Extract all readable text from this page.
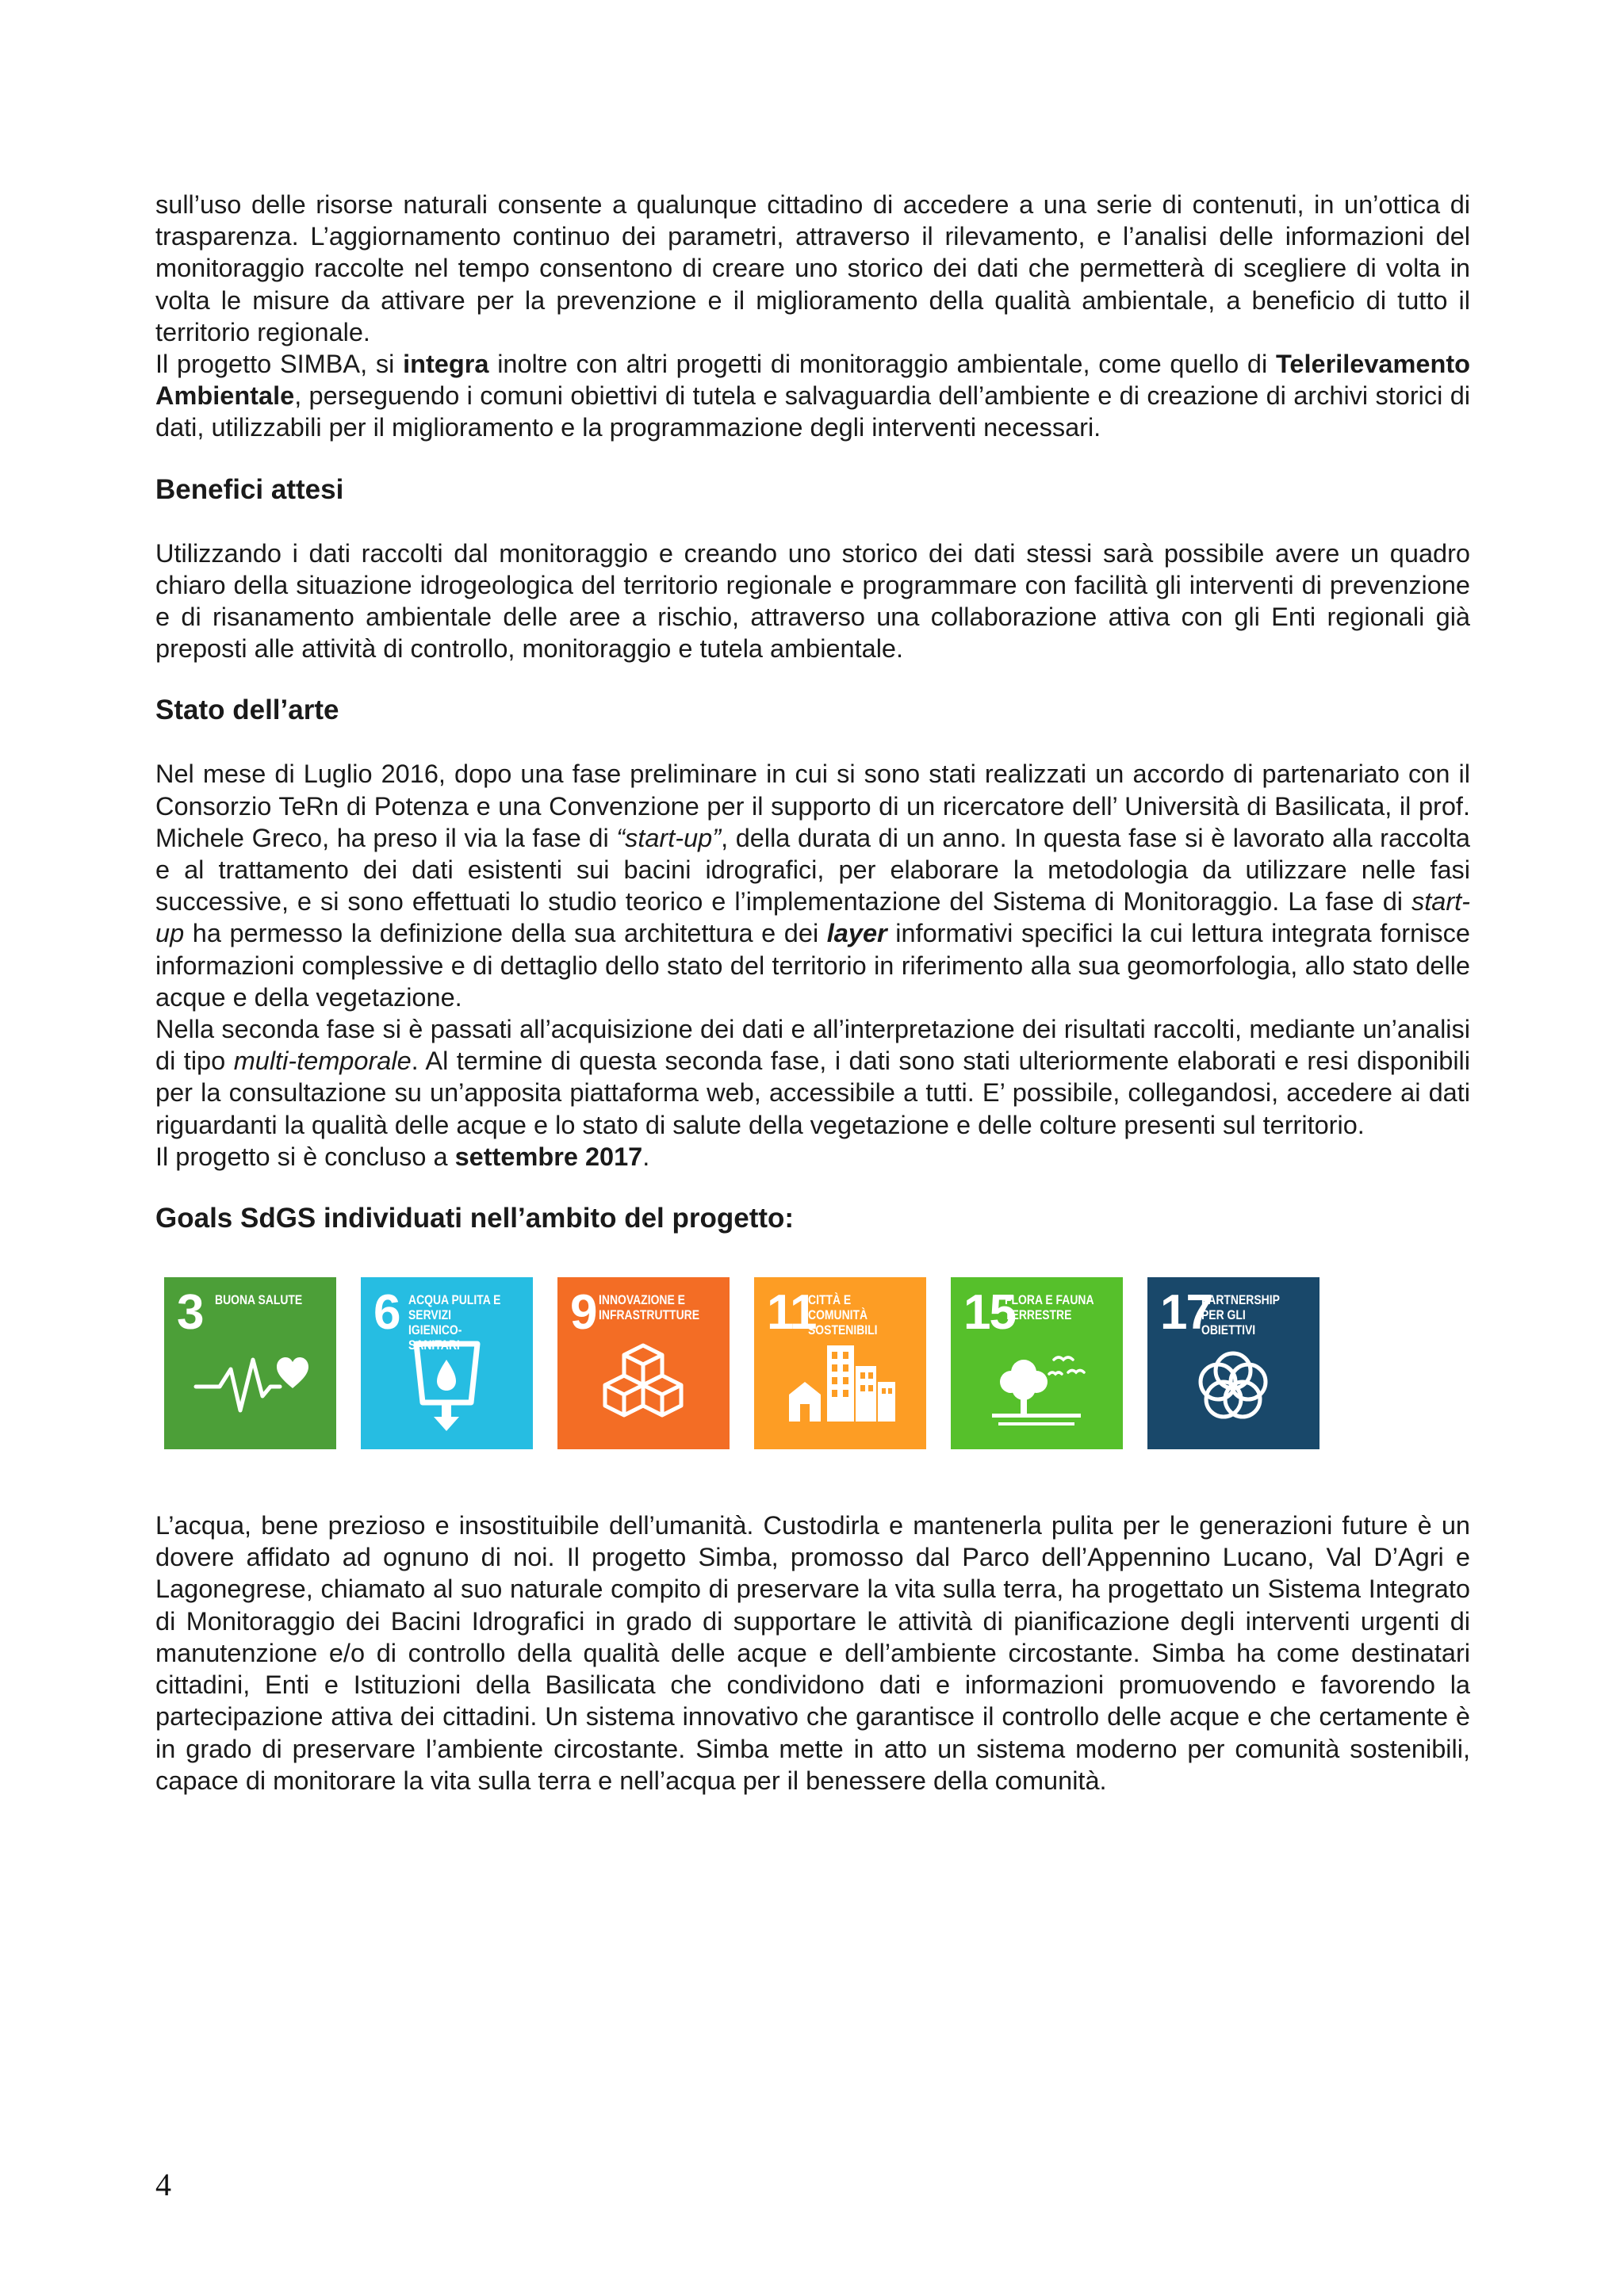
sull’uso delle risorse naturali consente a qualunque cittadino di accedere a una serie di contenuti, in un’ottica di trasparenza. L’aggiornamento continuo dei parametri, attraverso il rilevamento, e l’analisi delle informazioni del monitoraggio raccolte nel tempo consentono di creare uno storico dei dati che permetterà di scegliere di volta in volta le misure da attivare per la prevenzione e il miglioramento della qualità ambientale, a beneficio di tutto il territorio regionale.

Il progetto SIMBA, si integra inoltre con altri progetti di monitoraggio ambientale, come quello di Telerilevamento Ambientale, perseguendo i comuni obiettivi di tutela e salvaguardia dell’ambiente e di creazione di archivi storici di dati, utilizzabili per il miglioramento e la programmazione degli interventi necessari.

Benefici attesi

Utilizzando i dati raccolti dal monitoraggio e creando uno storico dei dati stessi sarà possibile avere un quadro chiaro della situazione idrogeologica del territorio regionale e programmare con facilità gli interventi di prevenzione e di risanamento ambientale delle aree a rischio, attraverso una collaborazione attiva con gli Enti regionali già preposti alle attività di controllo, monitoraggio e tutela ambientale.

Stato dell’arte

Nel mese di Luglio 2016, dopo una fase preliminare in cui si sono stati realizzati un accordo di partenariato con il Consorzio TeRn di Potenza e una Convenzione per il supporto di un ricercatore dell’ Università di Basilicata, il prof. Michele Greco, ha preso il via la fase di “start-up”, della durata di un anno. In questa fase si è lavorato alla raccolta e al trattamento dei dati esistenti sui bacini idrografici, per elaborare la metodologia da utilizzare nelle fasi successive, e si sono effettuati lo studio teorico e l’implementazione del Sistema di Monitoraggio. La fase di start-up ha permesso la definizione della sua architettura e dei layer informativi specifici la cui lettura integrata fornisce informazioni complessive e di dettaglio dello stato del territorio in riferimento alla sua geomorfologia, allo stato delle acque e della vegetazione.

Nella seconda fase si è passati all’acquisizione dei dati e all’interpretazione dei risultati raccolti, mediante un’analisi di tipo multi-temporale. Al termine di questa seconda fase, i dati sono stati ulteriormente elaborati e resi disponibili per la consultazione su un’apposita piattaforma web, accessibile a tutti. E’ possibile, collegandosi, accedere ai dati riguardanti la qualità delle acque e lo stato di salute della vegetazione e delle colture presenti sul territorio.

Il progetto si è concluso a settembre 2017.

Goals SdGS individuati nell’ambito del progetto:
3 BUONA SALUTE 6 ACQUA PULITA E SERVIZI
IGIENICO-SANITARI
9 INNOVAZIONE E
INFRASTRUTTURE 11
CITTÀ E COMUNITÀ
SOSTENIBILI	15
FLORA E FAUNA
TERRESTRE	17
PARTNERSHIP
PER GLI OBIETTIVI

L’acqua, bene prezioso e insostituibile dell’umanità. Custodirla e mantenerla pulita per le generazioni future è un dovere affidato ad ognuno di noi. Il progetto Simba, promosso dal Parco dell’Appennino Lucano, Val D’Agri e Lagonegrese, chiamato al suo naturale compito di preservare la vita sulla terra, ha progettato un Sistema Integrato di Monitoraggio dei Bacini Idrografici in grado di supportare le attività di pianificazione degli interventi urgenti di manutenzione e/o di controllo della qualità delle acque e dell’ambiente circostante. Simba ha come destinatari cittadini, Enti e Istituzioni della Basilicata che condividono dati e informazioni promuovendo e favorendo la partecipazione attiva dei cittadini. Un sistema innovativo che garantisce il controllo delle acque e che certamente è in grado di preservare l’ambiente circostante. Simba mette in atto un sistema moderno per comunità sostenibili, capace di monitorare la vita sulla terra e nell’acqua per il benessere della comunità.

4
